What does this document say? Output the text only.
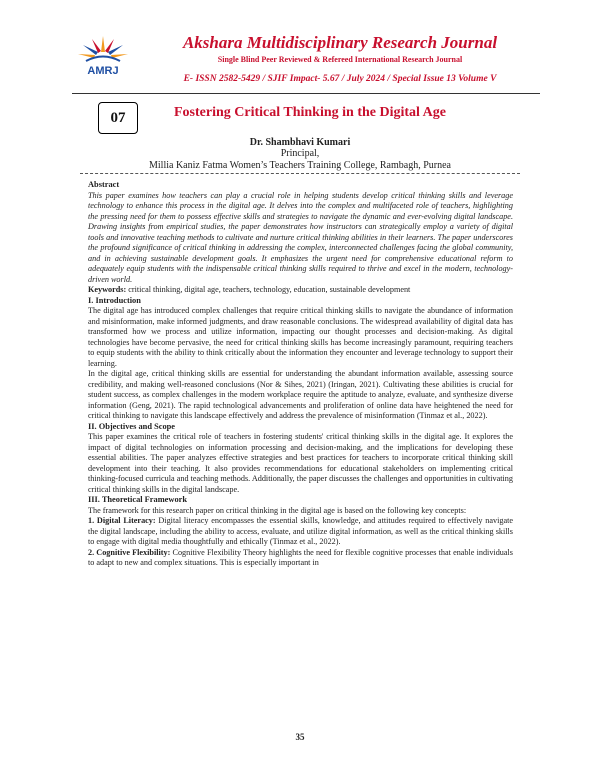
AMRJ
Akshara Multidisciplinary Research Journal
Single Blind Peer Reviewed & Refereed International Research Journal
E- ISSN 2582-5429 / SJIF Impact- 5.67 / July 2024 / Special Issue 13 Volume V
07	Fostering Critical Thinking in the Digital Age
Dr. Shambhavi Kumari
Principal,
Millia Kaniz Fatma Women’s Teachers Training College, Rambagh, Purnea
Abstract

This paper examines how teachers can play a crucial role in helping students develop critical thinking skills and leverage technology to enhance this process in the digital age. It delves into the complex and multifaceted role of teachers, highlighting the pressing need for them to possess effective skills and strategies to navigate the dynamic and ever-evolving digital landscape. Drawing insights from empirical studies, the paper demonstrates how instructors can strategically employ a variety of digital tools and innovative teaching methods to cultivate and nurture critical thinking abilities in their learners. The paper underscores the profound significance of critical thinking in addressing the complex, interconnected challenges facing the global community, and in achieving sustainable development goals. It emphasizes the urgent need for comprehensive educational reform to adequately equip students with the indispensable critical thinking skills required to thrive and excel in the modern, technology-driven world.

Keywords: critical thinking, digital age, teachers, technology, education, sustainable development

I. Introduction

The digital age has introduced complex challenges that require critical thinking skills to navigate the abundance of information and misinformation, make informed judgments, and draw reasonable conclusions. The widespread availability of digital data has transformed how we process and utilize information, impacting our thought processes and decision-making. As digital technologies have become pervasive, the need for critical thinking skills has become increasingly paramount, requiring teachers to equip students with the ability to think critically about the information they encounter and leverage technology to support their learning.

In the digital age, critical thinking skills are essential for understanding the abundant information available, assessing source credibility, and making well-reasoned conclusions (Nor & Sihes, 2021) (Iringan, 2021). Cultivating these abilities is crucial for student success, as complex challenges in the modern workplace require the aptitude to analyze, evaluate, and synthesize diverse information (Geng, 2021). The rapid technological advancements and proliferation of online data have heightened the need for critical thinking to navigate this landscape effectively and address the prevalence of misinformation (Tinmaz et al., 2022).

II. Objectives and Scope

This paper examines the critical role of teachers in fostering students' critical thinking skills in the digital age. It explores the impact of digital technologies on information processing and decision-making, and the implications for developing these essential abilities. The paper analyzes effective strategies and best practices for teachers to incorporate critical thinking skill development into their teaching. It also provides recommendations for educational stakeholders on implementing critical thinking-focused curricula and teaching methods. Additionally, the paper discusses the challenges and opportunities in cultivating critical thinking skills in the digital landscape.

III. Theoretical Framework

The framework for this research paper on critical thinking in the digital age is based on the following key concepts:

1. Digital Literacy: Digital literacy encompasses the essential skills, knowledge, and attitudes required to effectively navigate the digital landscape, including the ability to access, evaluate, and utilize digital information, as well as the critical thinking skills to engage with digital media thoughtfully and ethically (Tinmaz et al., 2022).

2. Cognitive Flexibility: Cognitive Flexibility Theory highlights the need for flexible cognitive processes that enable individuals to adapt to new and complex situations. This is especially important in

35
